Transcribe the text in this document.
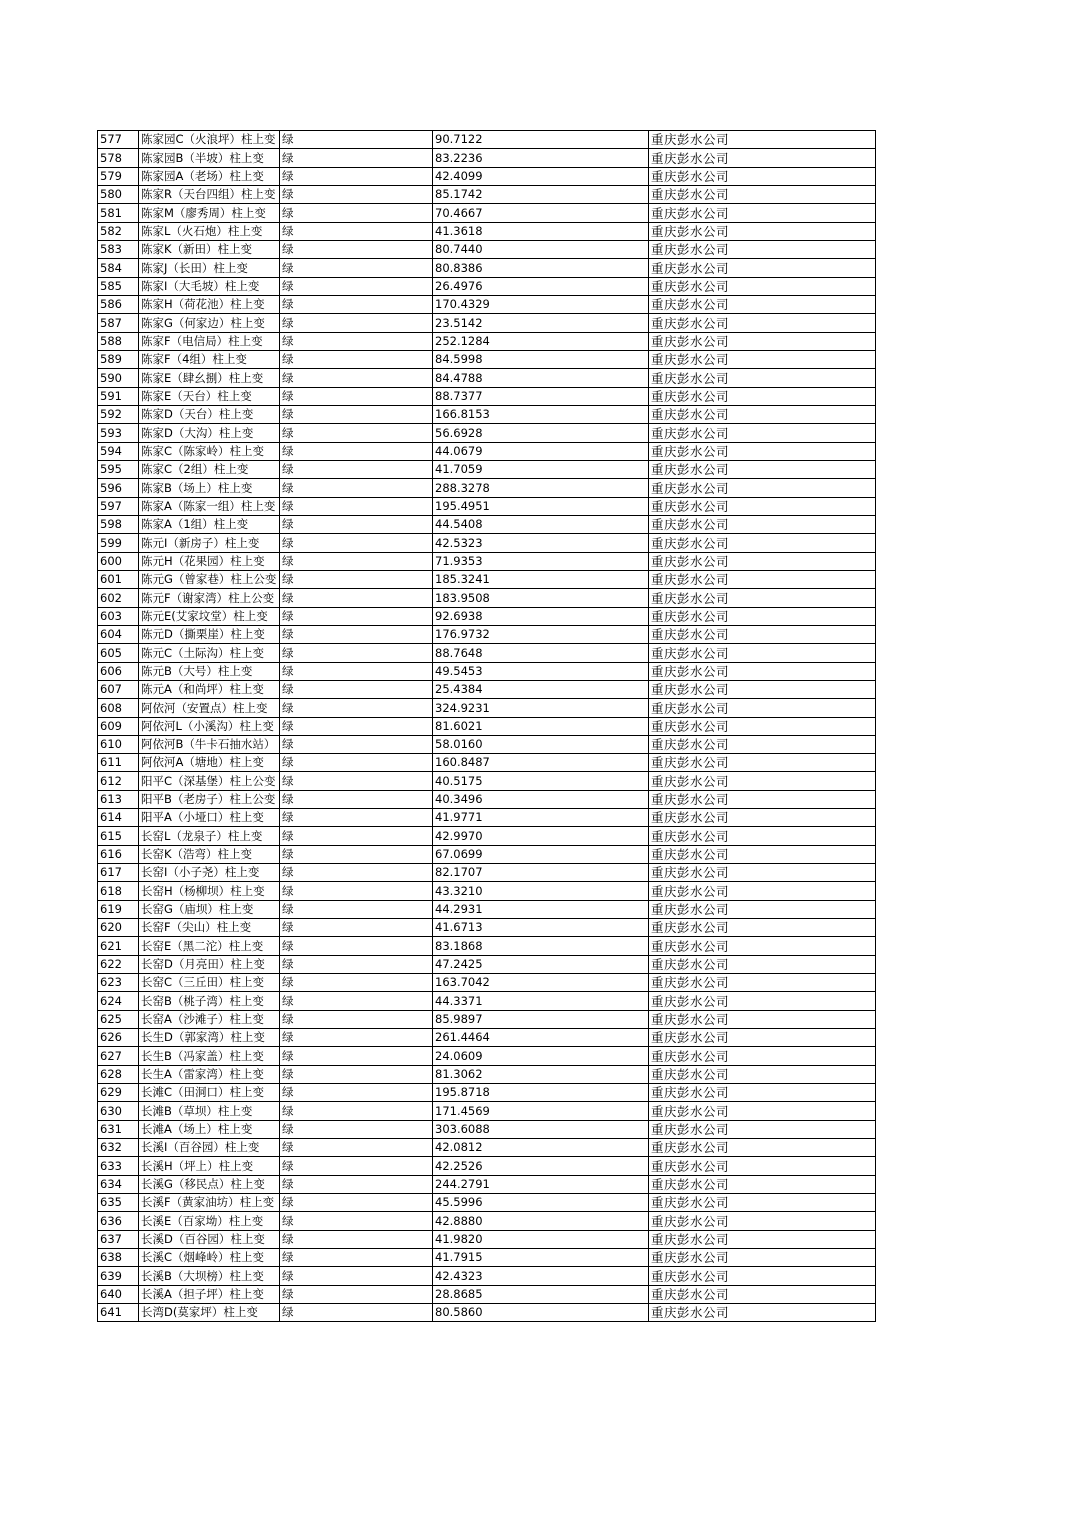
577	陈家园C（火浪坪）柱上变	绿	90.7122	重庆彭水公司
578	陈家园B（半坡）柱上变	绿	83.2236	重庆彭水公司
579	陈家园A（老场）柱上变	绿	42.4099	重庆彭水公司
580	陈家R（天台四组）柱上变	绿	85.1742	重庆彭水公司
581	陈家M（廖秀周）柱上变	绿	70.4667	重庆彭水公司
582	陈家L（火石炮）柱上变	绿	41.3618	重庆彭水公司
583	陈家K（新田）柱上变	绿	80.7440	重庆彭水公司
584	陈家J（长田）柱上变	绿	80.8386	重庆彭水公司
585	陈家I（大毛坡）柱上变	绿	26.4976	重庆彭水公司
586	陈家H（荷花池）柱上变	绿	170.4329	重庆彭水公司
587	陈家G（何家边）柱上变	绿	23.5142	重庆彭水公司
588	陈家F（电信局）柱上变	绿	252.1284	重庆彭水公司
589	陈家F（4组）柱上变	绿	84.5998	重庆彭水公司
590	陈家E（肆幺捌）柱上变	绿	84.4788	重庆彭水公司
591	陈家E（天台）柱上变	绿	88.7377	重庆彭水公司
592	陈家D（天台）柱上变	绿	166.8153	重庆彭水公司
593	陈家D（大沟）柱上变	绿	56.6928	重庆彭水公司
594	陈家C（陈家岭）柱上变	绿	44.0679	重庆彭水公司
595	陈家C（2组）柱上变	绿	41.7059	重庆彭水公司
596	陈家B（场上）柱上变	绿	288.3278	重庆彭水公司
597	陈家A（陈家一组）柱上变	绿	195.4951	重庆彭水公司
598	陈家A（1组）柱上变	绿	44.5408	重庆彭水公司
599	陈元I（新房子）柱上变	绿	42.5323	重庆彭水公司
600	陈元H（花果园）柱上变	绿	71.9353	重庆彭水公司
601	陈元G（曾家巷）柱上公变	绿	185.3241	重庆彭水公司
602	陈元F（谢家湾）柱上公变	绿	183.9508	重庆彭水公司
603	陈元E(艾家坟堂）柱上变	绿	92.6938	重庆彭水公司
604	陈元D（撕栗崖）柱上变	绿	176.9732	重庆彭水公司
605	陈元C（土际沟）柱上变	绿	88.7648	重庆彭水公司
606	陈元B（大号）柱上变	绿	49.5453	重庆彭水公司
607	陈元A（和尚坪）柱上变	绿	25.4384	重庆彭水公司
608	阿依河（安置点）柱上变	绿	324.9231	重庆彭水公司
609	阿依河L（小溪沟）柱上变	绿	81.6021	重庆彭水公司
610	阿依河B（牛卡石抽水站）	绿	58.0160	重庆彭水公司
611	阿依河A（塘地）柱上变	绿	160.8487	重庆彭水公司
612	阳平C（深基堡）柱上公变	绿	40.5175	重庆彭水公司
613	阳平B（老房子）柱上公变	绿	40.3496	重庆彭水公司
614	阳平A（小垭口）柱上变	绿	41.9771	重庆彭水公司
615	长窑L（龙泉子）柱上变	绿	42.9970	重庆彭水公司
616	长窑K（浩弯）柱上变	绿	67.0699	重庆彭水公司
617	长窑I（小子尧）柱上变	绿	82.1707	重庆彭水公司
618	长窑H（杨柳坝）柱上变	绿	43.3210	重庆彭水公司
619	长窑G（庙坝）柱上变	绿	44.2931	重庆彭水公司
620	长窑F（尖山）柱上变	绿	41.6713	重庆彭水公司
621	长窑E（黑二沱）柱上变	绿	83.1868	重庆彭水公司
622	长窑D（月亮田）柱上变	绿	47.2425	重庆彭水公司
623	长窑C（三丘田）柱上变	绿	163.7042	重庆彭水公司
624	长窑B（桃子湾）柱上变	绿	44.3371	重庆彭水公司
625	长窑A（沙滩子）柱上变	绿	85.9897	重庆彭水公司
626	长生D（郭家湾）柱上变	绿	261.4464	重庆彭水公司
627	长生B（冯家盖）柱上变	绿	24.0609	重庆彭水公司
628	长生A（雷家湾）柱上变	绿	81.3062	重庆彭水公司
629	长滩C（田洞口）柱上变	绿	195.8718	重庆彭水公司
630	长滩B（草坝）柱上变	绿	171.4569	重庆彭水公司
631	长滩A（场上）柱上变	绿	303.6088	重庆彭水公司
632	长溪I（百谷园）柱上变	绿	42.0812	重庆彭水公司
633	长溪H（坪上）柱上变	绿	42.2526	重庆彭水公司
634	长溪G（移民点）柱上变	绿	244.2791	重庆彭水公司
635	长溪F（黄家油坊）柱上变	绿	45.5996	重庆彭水公司
636	长溪E（百家坳）柱上变	绿	42.8880	重庆彭水公司
637	长溪D（百谷园）柱上变	绿	41.9820	重庆彭水公司
638	长溪C（烟峰岭）柱上变	绿	41.7915	重庆彭水公司
639	长溪B（大坝榜）柱上变	绿	42.4323	重庆彭水公司
640	长溪A（担子坪）柱上变	绿	28.8685	重庆彭水公司
641	长湾D(莫家坪）柱上变	绿	80.5860	重庆彭水公司
